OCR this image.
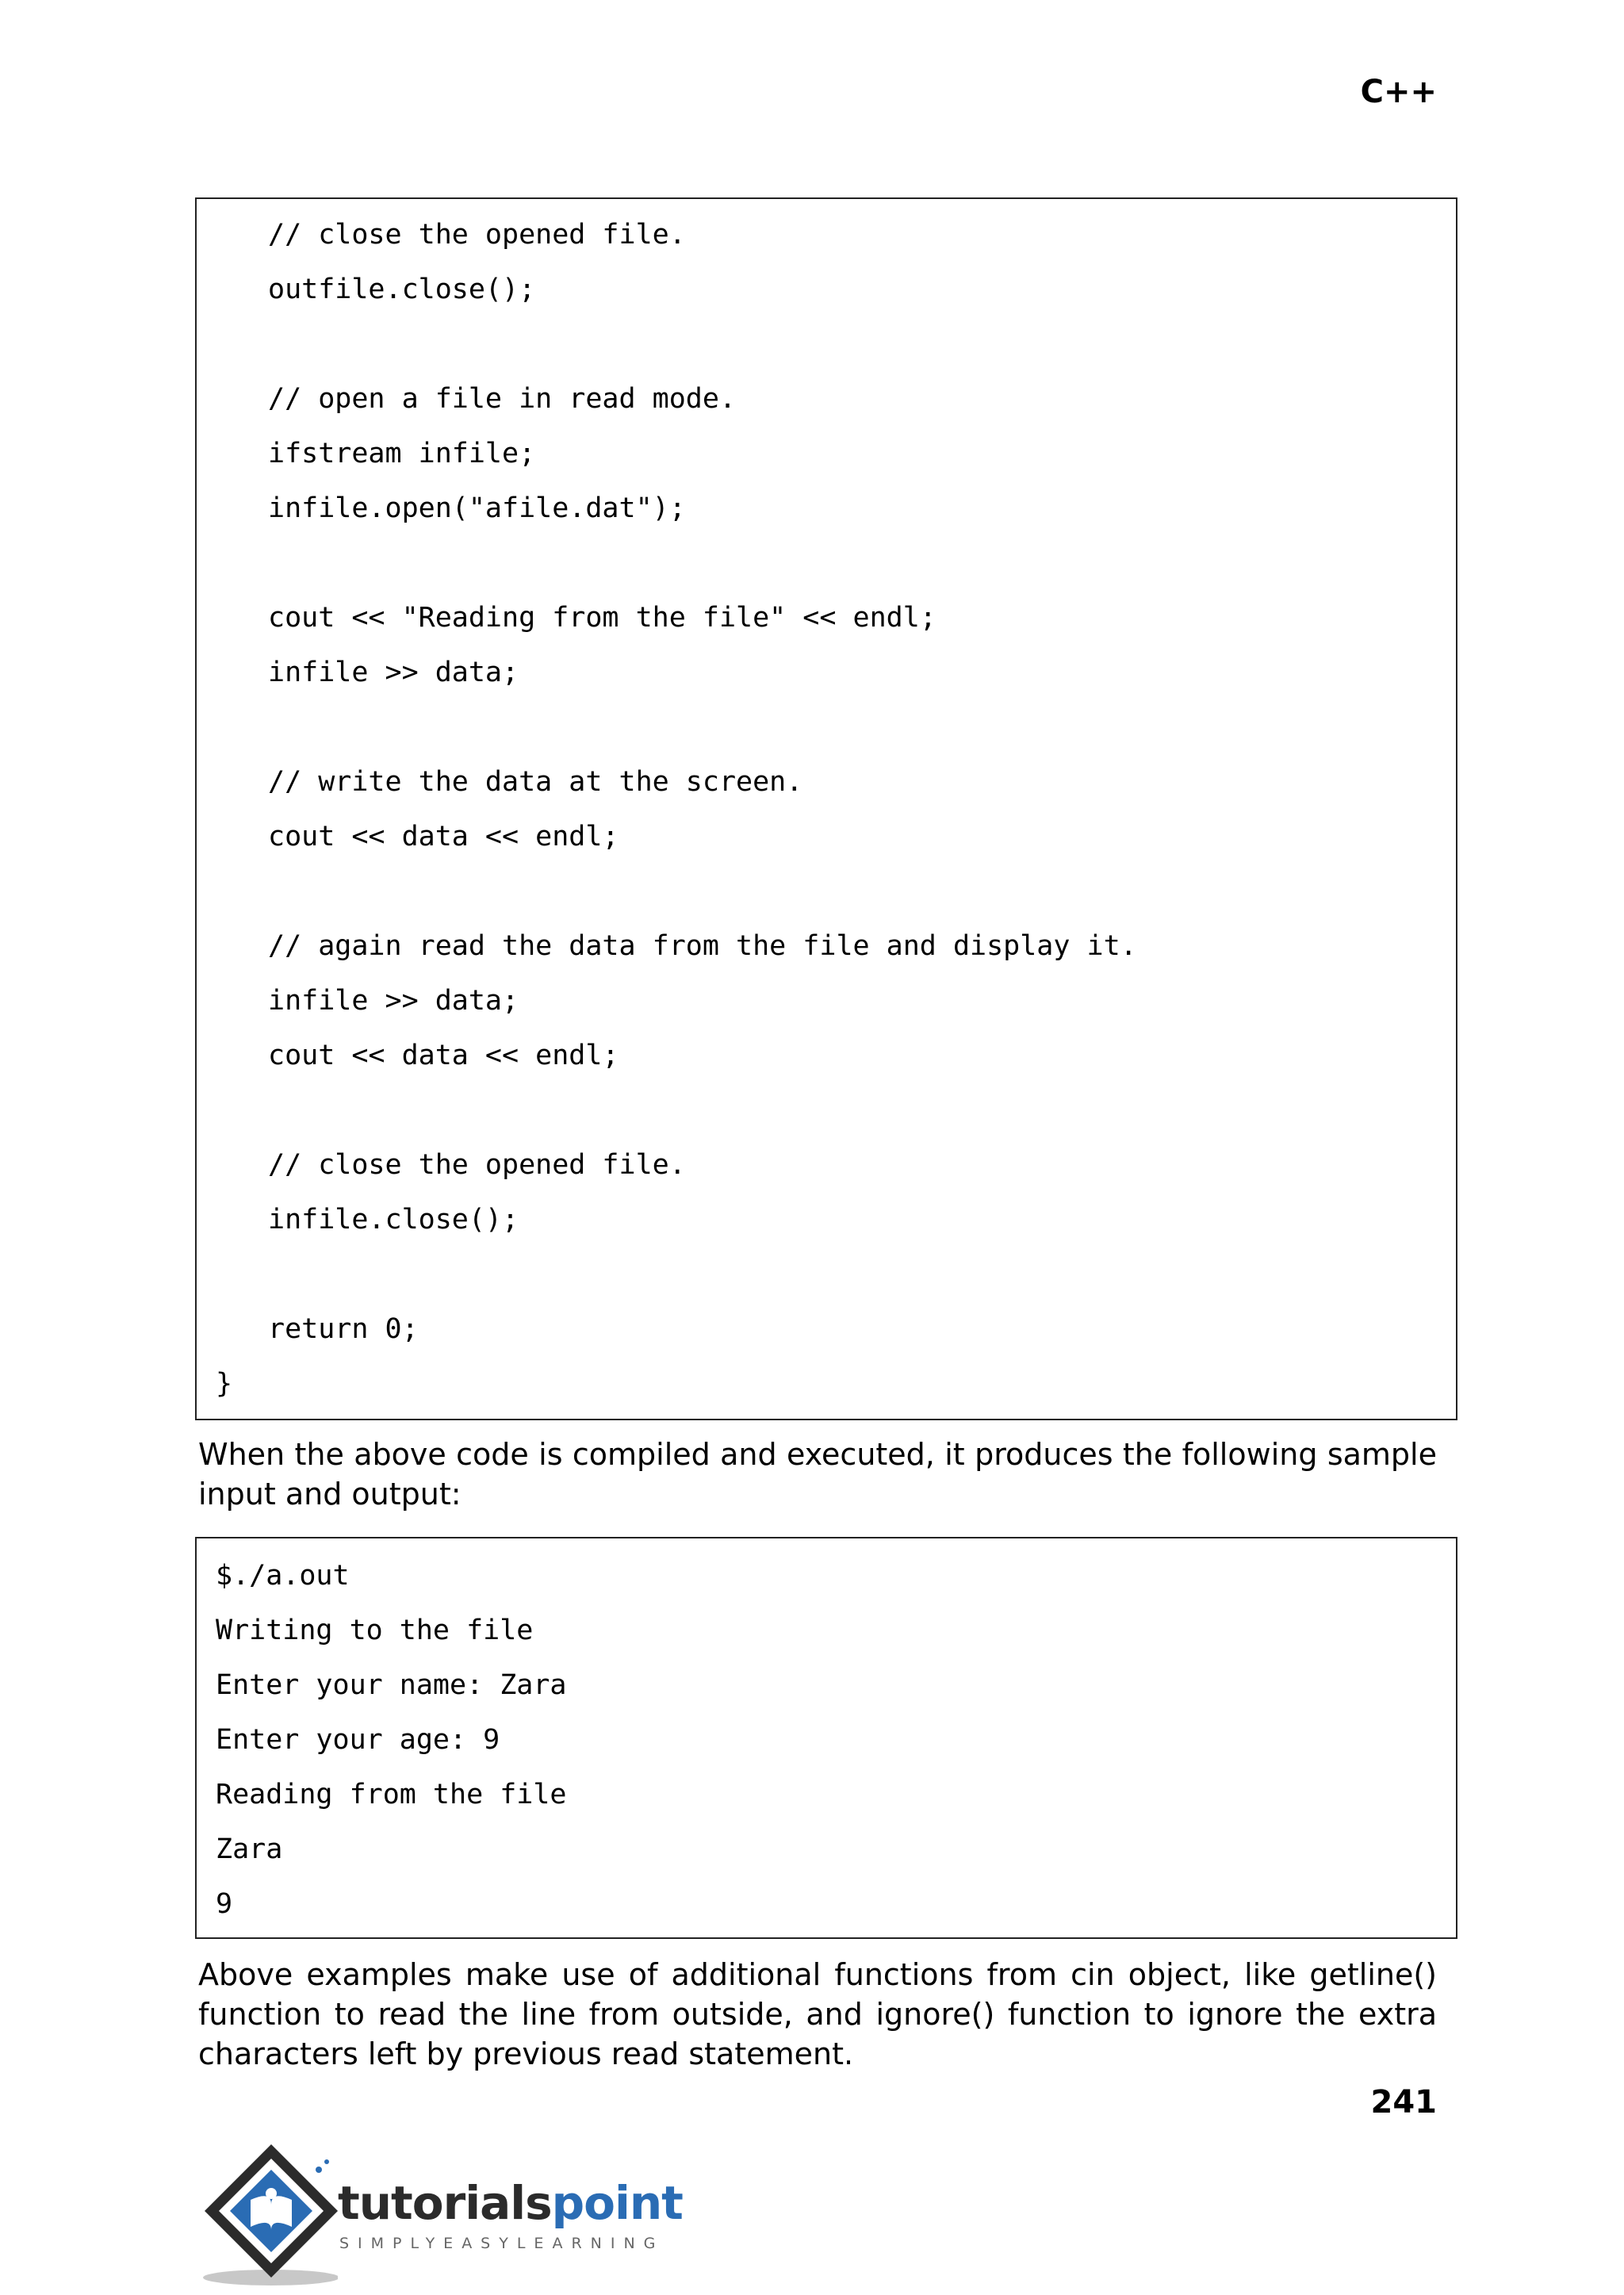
C++
// close the opened file.
outfile.close();
// open a file in read mode.
ifstream infile;
infile.open("afile.dat");
cout << "Reading from the file" << endl;
infile >> data;
// write the data at the screen.
cout << data << endl;
// again read the data from the file and display it.
infile >> data;
cout << data << endl;
// close the opened file.
infile.close();
return 0;
}
When the above code is compiled and executed, it produces the following sample input and output:
$./a.out
Writing to the file
Enter your name: Zara
Enter your age: 9
Reading from the file
Zara
9
Above examples make use of additional functions from cin object, like getline() function to read the line from outside, and ignore() function to ignore the extra characters left by previous read statement.
241
tutorialspoint
SIMPLYEASYLEARNING
